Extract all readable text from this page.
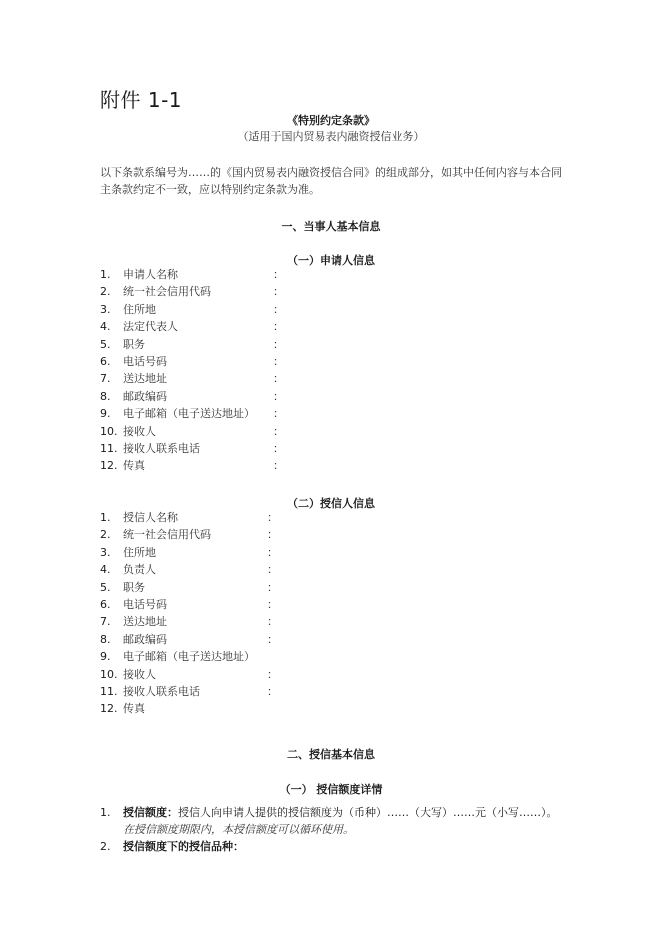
附件 1-1
《特别约定条款》
（适用于国内贸易表内融资授信业务）
以下条款系编号为……的《国内贸易表内融资授信合同》的组成部分，如其中任何内容与本合同主条款约定不一致，应以特别约定条款为准。
一、当事人基本信息
（一）申请人信息
1.	申请人名称	：
2.	统一社会信用代码	：
3.	住所地	：
4.	法定代表人	：
5.	职务	：
6.	电话号码	：
7.	送达地址	：
8.	邮政编码	：
9.	电子邮箱（电子送达地址） ：
10. 接收人	：
11. 接收人联系电话	：
12. 传真	：
（二）授信人信息
1.	授信人名称	：
2.	统一社会信用代码	：
3.	住所地	：
4.	负责人	：
5.	职务	：
6.	电话号码	：
7.	送达地址	：
8.	邮政编码	：
9.	电子邮箱（电子送达地址）
10. 接收人	：
11. 接收人联系电话	：
12. 传真
二、授信基本信息
（一） 授信额度详情
1. 授信额度：授信人向申请人提供的授信额度为（币种）……（大写）……元（小写……）。
在授信额度期限内，本授信额度可以循环使用。
2. 授信额度下的授信品种：
